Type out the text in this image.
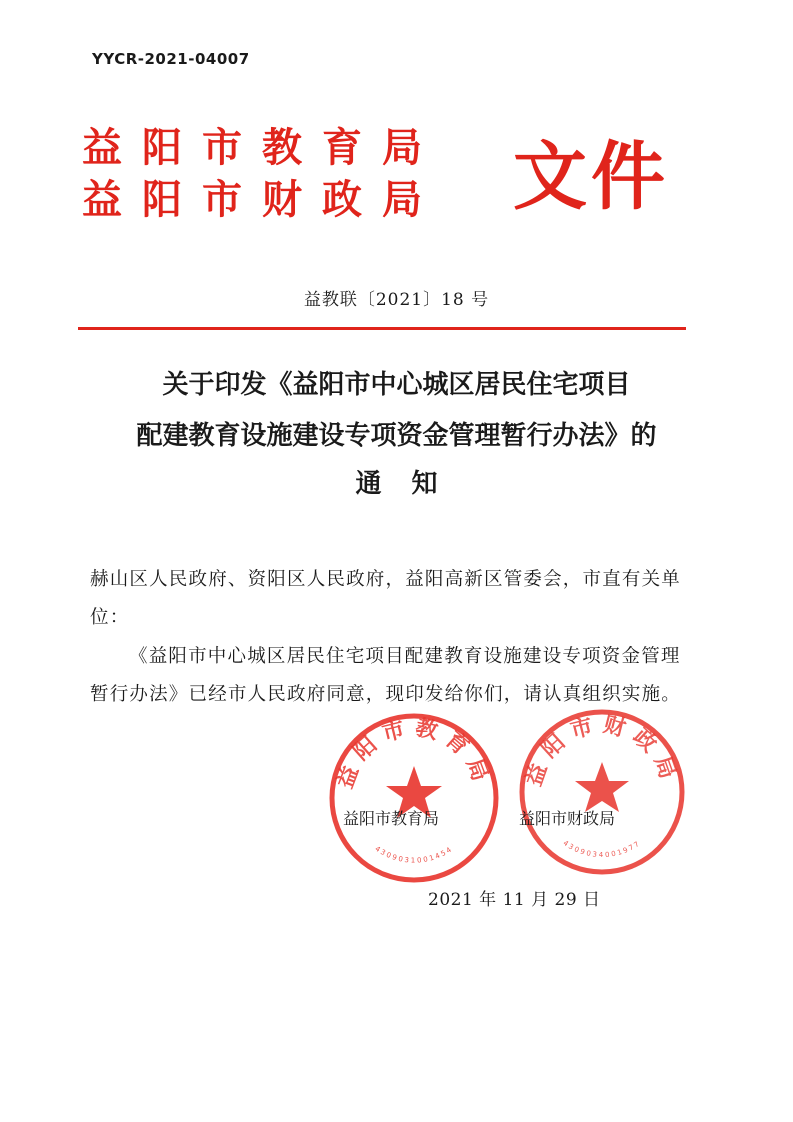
YYCR-2021-04007
益阳市教育局
益阳市财政局 文件
益教联〔2021〕18 号
关于印发《益阳市中心城区居民住宅项目
配建教育设施建设专项资金管理暂行办法》的
通知
赫山区人民政府、资阳区人民政府，益阳高新区管委会，市直有关单位：
《益阳市中心城区居民住宅项目配建教育设施建设专项资金管理暂行办法》已经市人民政府同意，现印发给你们，请认真组织实施。
益阳市教育局
4309031001454
益阳市财政局
4309034001977
益阳市教育局	益阳市财政局
2021 年 11 月 29 日
